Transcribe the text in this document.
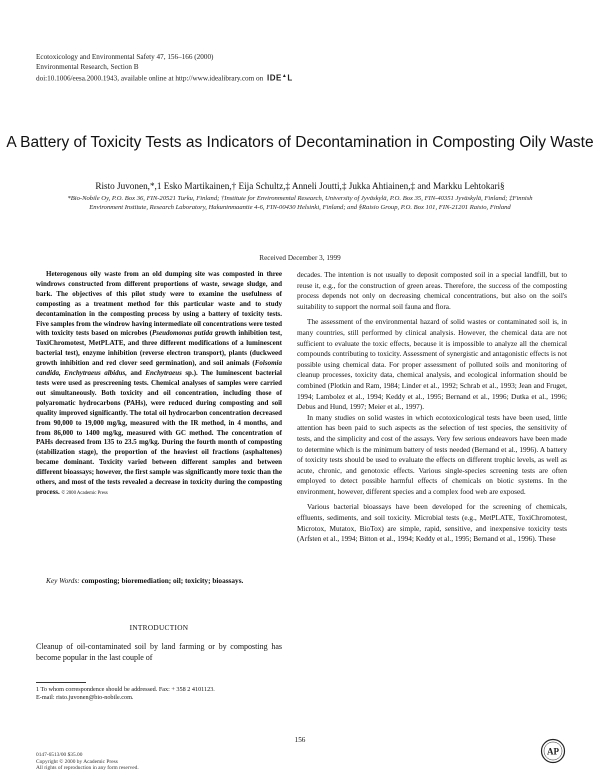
Ecotoxicology and Environmental Safety 47, 156–166 (2000)
Environmental Research, Section B
doi:10.1006/eesa.2000.1943, available online at http://www.idealibrary.com on IDE▲L
A Battery of Toxicity Tests as Indicators of Decontamination in Composting Oily Waste
Risto Juvonen,*,1 Esko Martikainen,† Eija Schultz,‡ Anneli Joutti,‡ Jukka Ahtiainen,‡ and Markku Lehtokari§
*Bio-Nobile Oy, P.O. Box 36, FIN-20521 Turku, Finland; †Institute for Environmental Research, University of Jyväskylä, P.O. Box 35, FIN-40351 Jyväskylä, Finland; ‡Finnish Environment Institute, Research Laboratory, Hakuninmaantie 4-6, FIN-00430 Helsinki, Finland; and §Raisio Group, P.O. Box 101, FIN-21201 Raisio, Finland
Received December 3, 1999
Heterogenous oily waste from an old dumping site was composted in three windrows constructed from different proportions of waste, sewage sludge, and bark. The objectives of this pilot study were to examine the usefulness of composting as a treatment method for this particular waste and to study decontamination in the composting process by using a battery of toxicity tests. Five samples from the windrow having intermediate oil concentrations were tested with toxicity tests based on microbes (Pseudomonas putida growth inhibition test, ToxiChromotest, MetPLATE, and three different modifications of a luminescent bacterial test), enzyme inhibition (reverse electron transport), plants (duckweed growth inhibition and red clover seed germination), and soil animals (Folsomia candida, Enchytraeus albidus, and Enchytraeus sp.). The luminescent bacterial tests were used as prescreening tests. Chemical analyses of samples were carried out simultaneously. Both toxicity and oil concentration, including those of polyaromatic hydrocarbons (PAHs), were reduced during composting and soil quality improved significantly. The total oil hydrocarbon concentration decreased from 90,000 to 19,000 mg/kg, measured with the IR method, in 4 months, and from 86,000 to 1400 mg/kg, measured with GC method. The concentration of PAHs decreased from 135 to 23.5 mg/kg. During the fourth month of composting (stabilization stage), the proportion of the heaviest oil fractions (asphaltenes) became dominant. Toxicity varied between different samples and between different bioassays; however, the first sample was significantly more toxic than the others, and most of the tests revealed a decrease in toxicity during the composting process. © 2000 Academic Press
Key Words: composting; bioremediation; oil; toxicity; bioassays.
INTRODUCTION
Cleanup of oil-contaminated soil by land farming or by composting has become popular in the last couple of
1 To whom correspondence should be addressed. Fax: + 358 2 4101123.
E-mail: risto.juvonen@bio-nobile.com.

decades. The intention is not usually to deposit composted soil in a special landfill, but to reuse it, e.g., for the construction of green areas. Therefore, the success of the composting process depends not only on decreasing chemical concentrations, but also on the soil's suitability to support the normal soil fauna and flora.

The assessment of the environmental hazard of solid wastes or contaminated soil is, in many countries, still performed by clinical analysis. However, the chemical data are not sufficient to evaluate the toxic effects, because it is impossible to analyze all the chemical compounds contributing to toxicity. Assessment of synergistic and antagonistic effects is not possible using chemical data. For proper assessment of polluted soils and monitoring of cleanup processes, toxicity data, chemical analysis, and ecological information should be combined (Plotkin and Ram, 1984; Linder et al., 1992; Schrab et al., 1993; Jean and Fruget, 1994; Lambolez et al., 1994; Keddy et al., 1995; Bernand et al., 1996; Dutka et al., 1996; Debus and Hund, 1997; Meier et al., 1997).

In many studies on solid wastes in which ecotoxicological tests have been used, little attention has been paid to such aspects as the selection of test species, the sensitivity of tests, and the simplicity and cost of the assays. Very few serious endeavors have been made to determine which is the minimum battery of tests needed (Bernand et al., 1996). A battery of toxicity tests should be used to evaluate the effects on different trophic levels, as well as acute, chronic, and genotoxic effects. Various single-species screening tests are often employed to detect possible harmful effects of chemicals on biotic systems. In the environment, however, different species and a complex food web are exposed.

Various bacterial bioassays have been developed for the screening of chemicals, effluents, sediments, and soil toxicity. Microbial tests (e.g., MetPLATE, ToxiChromotest, Microtox, Mutatox, BioTox) are simple, rapid, sensitive, and inexpensive toxicity tests (Arfsten et al., 1994; Bitton et al., 1994; Keddy et al., 1995; Bernand et al., 1996). These

156
0147-6513/00 $35.00
Copyright © 2000 by Academic Press
All rights of reproduction in any form reserved.
AP
